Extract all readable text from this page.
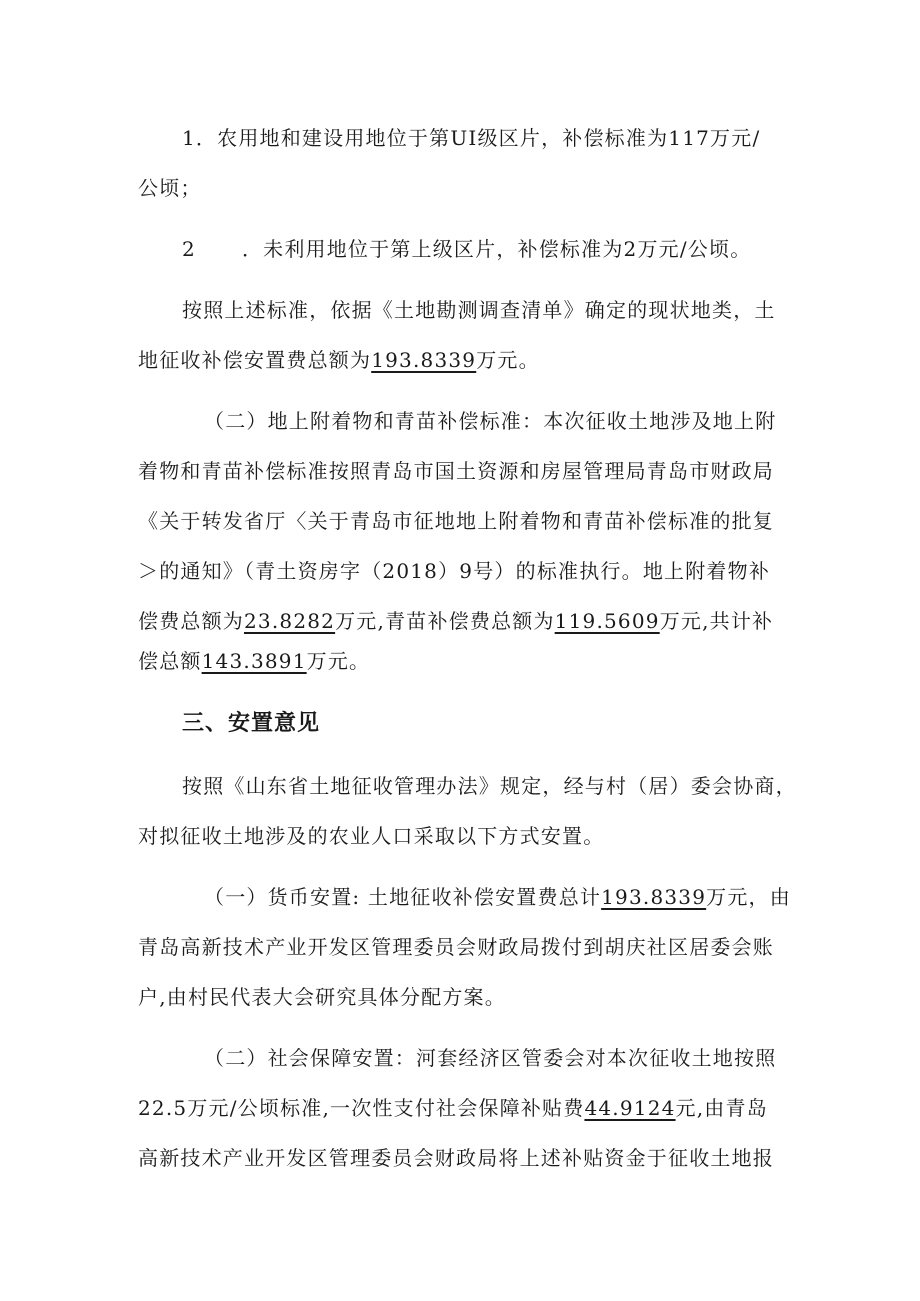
1．农用地和建设用地位于第UI级区片，补偿标准为117万元/
公顷；
2 ．未利用地位于第上级区片，补偿标准为2万元/公顷。
按照上述标准，依据《土地勘测调查清单》确定的现状地类，土
地征收补偿安置费总额为193.8339万元。
（二）地上附着物和青苗补偿标准：本次征收土地涉及地上附
着物和青苗补偿标准按照青岛市国土资源和房屋管理局青岛市财政局
《关于转发省厅〈关于青岛市征地地上附着物和青苗补偿标准的批复
＞的通知》（青土资房字（2018）9号）的标准执行。地上附着物补
偿费总额为23.8282万元,青苗补偿费总额为119.5609万元,共计补
偿总额143.3891万元。
三、安置意见
按照《山东省土地征收管理办法》规定，经与村（居）委会协商，
对拟征收土地涉及的农业人口采取以下方式安置。
（一）货币安置: 土地征收补偿安置费总计193.8339万元，由
青岛高新技术产业开发区管理委员会财政局拨付到胡庆社区居委会账
户,由村民代表大会研究具体分配方案。
（二）社会保障安置：河套经济区管委会对本次征收土地按照
22.5万元/公顷标准,一次性支付社会保障补贴费44.9124元,由青岛
高新技术产业开发区管理委员会财政局将上述补贴资金于征收土地报
